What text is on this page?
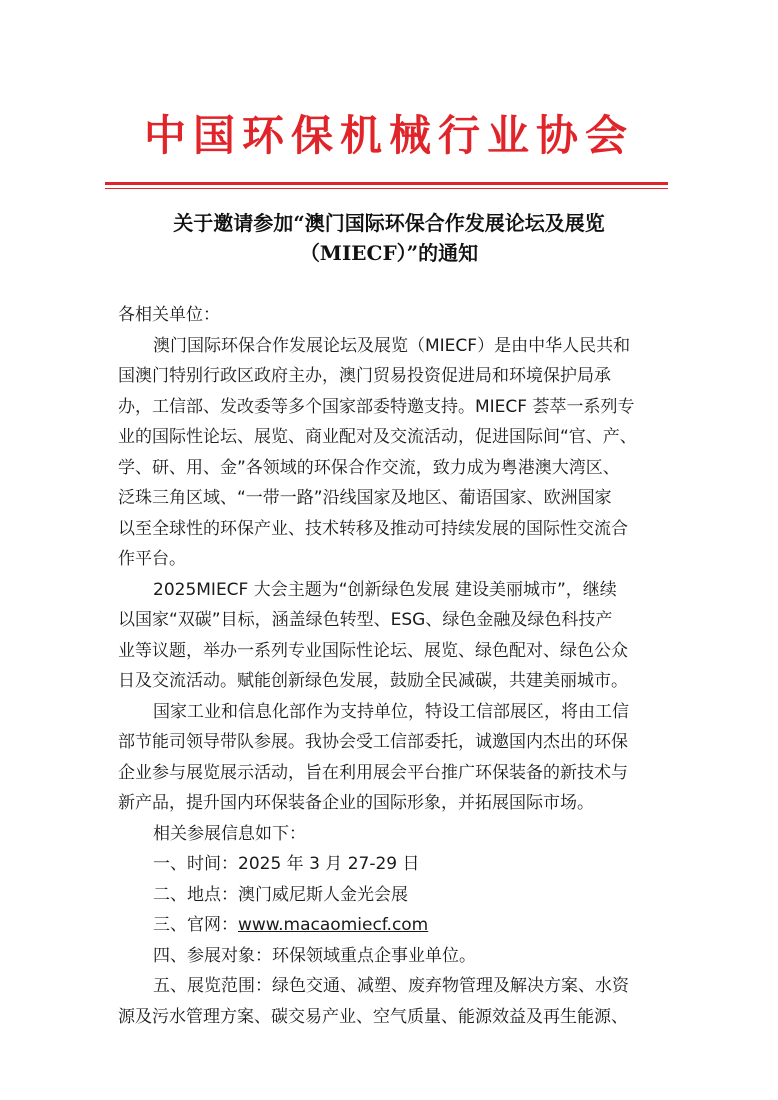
中国环保机械行业协会
关于邀请参加“澳门国际环保合作发展论坛及展览
（MIECF）”的通知
各相关单位：
澳门国际环保合作发展论坛及展览（MIECF）是由中华人民共和
国澳门特别行政区政府主办，澳门贸易投资促进局和环境保护局承
办，工信部、发改委等多个国家部委特邀支持。MIECF 荟萃一系列专
业的国际性论坛、展览、商业配对及交流活动，促进国际间“官、产、
学、研、用、金”各领域的环保合作交流，致力成为粤港澳大湾区、
泛珠三角区域、“一带一路”沿线国家及地区、葡语国家、欧洲国家
以至全球性的环保产业、技术转移及推动可持续发展的国际性交流合
作平台。
2025MIECF 大会主题为“创新绿色发展 建设美丽城市”，继续
以国家“双碳”目标，涵盖绿色转型、ESG、绿色金融及绿色科技产
业等议题，举办一系列专业国际性论坛、展览、绿色配对、绿色公众
日及交流活动。赋能创新绿色发展，鼓励全民减碳，共建美丽城市。
国家工业和信息化部作为支持单位，特设工信部展区，将由工信
部节能司领导带队参展。我协会受工信部委托，诚邀国内杰出的环保
企业参与展览展示活动，旨在利用展会平台推广环保装备的新技术与
新产品，提升国内环保装备企业的国际形象，并拓展国际市场。
相关参展信息如下：
一、时间：2025 年 3 月 27-29 日
二、地点：澳门威尼斯人金光会展
三、官网：www.macaomiecf.com
四、参展对象：环保领域重点企事业单位。
五、展览范围：绿色交通、减塑、废弃物管理及解决方案、水资
源及污水管理方案、碳交易产业、空气质量、能源效益及再生能源、
